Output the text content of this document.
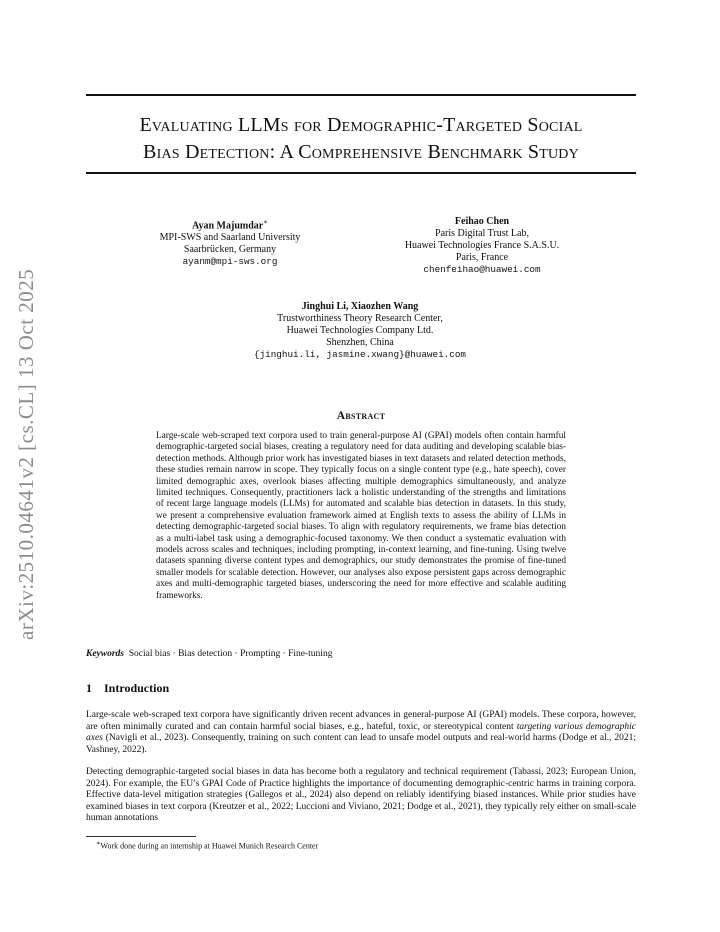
arXiv:2510.04641v2 [cs.CL] 13 Oct 2025
Evaluating LLMs for Demographic-Targeted Social
Bias Detection: A Comprehensive Benchmark Study
Ayan Majumdar∗
MPI-SWS and Saarland University
Saarbrücken, Germany
ayanm@mpi-sws.org
Feihao Chen
Paris Digital Trust Lab,
Huawei Technologies France S.A.S.U.
Paris, France
chenfeihao@huawei.com
Jinghui Li, Xiaozhen Wang
Trustworthiness Theory Research Center,
Huawei Technologies Company Ltd.
Shenzhen, China
{jinghui.li, jasmine.xwang}@huawei.com
Abstract
Large-scale web-scraped text corpora used to train general-purpose AI (GPAI) models often contain harmful demographic-targeted social biases, creating a regulatory need for data auditing and developing scalable bias-detection methods. Although prior work has investigated biases in text datasets and related detection methods, these studies remain narrow in scope. They typically focus on a single content type (e.g., hate speech), cover limited demographic axes, overlook biases affecting multiple demographics simultaneously, and analyze limited techniques. Consequently, practitioners lack a holistic understanding of the strengths and limitations of recent large language models (LLMs) for automated and scalable bias detection in datasets. In this study, we present a comprehensive evaluation framework aimed at English texts to assess the ability of LLMs in detecting demographic-targeted social biases. To align with regulatory requirements, we frame bias detection as a multi-label task using a demographic-focused taxonomy. We then conduct a systematic evaluation with models across scales and techniques, including prompting, in-context learning, and fine-tuning. Using twelve datasets spanning diverse content types and demographics, our study demonstrates the promise of fine-tuned smaller models for scalable detection. However, our analyses also expose persistent gaps across demographic axes and multi-demographic targeted biases, underscoring the need for more effective and scalable auditing frameworks.
Keywords Social bias · Bias detection · Prompting · Fine-tuning
1 Introduction
Large-scale web-scraped text corpora have significantly driven recent advances in general-purpose AI (GPAI) models. These corpora, however, are often minimally curated and can contain harmful social biases, e.g., hateful, toxic, or stereotypical content targeting various demographic axes (Navigli et al., 2023). Consequently, training on such content can lead to unsafe model outputs and real-world harms (Dodge et al., 2021; Vashney, 2022).
Detecting demographic-targeted social biases in data has become both a regulatory and technical requirement (Tabassi, 2023; European Union, 2024). For example, the EU’s GPAI Code of Practice highlights the importance of documenting demographic-centric harms in training corpora. Effective data-level mitigation strategies (Gallegos et al., 2024) also depend on reliably identifying biased instances. While prior studies have examined biases in text corpora (Kreutzer et al., 2022; Luccioni and Viviano, 2021; Dodge et al., 2021), they typically rely either on small-scale human annotations
∗Work done during an internship at Huawei Munich Research Center
